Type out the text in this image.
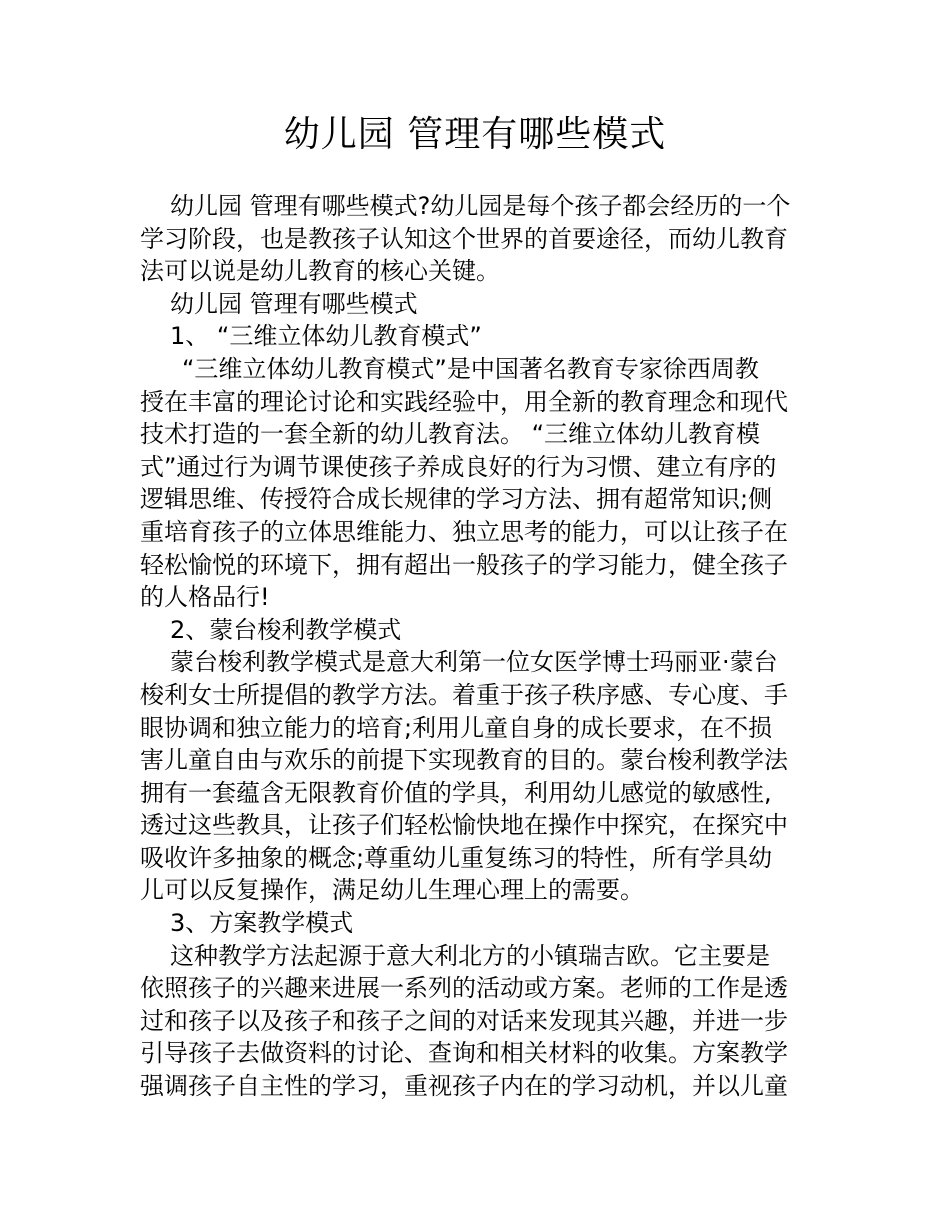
幼儿园 管理有哪些模式
幼儿园 管理有哪些模式?幼儿园是每个孩子都会经历的一个
学习阶段，也是教孩子认知这个世界的首要途径，而幼儿教育
法可以说是幼儿教育的核心关键。
幼儿园 管理有哪些模式
1、 “三维立体幼儿教育模式”
“三维立体幼儿教育模式”是中国著名教育专家徐西周教
授在丰富的理论讨论和实践经验中，用全新的教育理念和现代
技术打造的一套全新的幼儿教育法。 “三维立体幼儿教育模
式”通过行为调节课使孩子养成良好的行为习惯、建立有序的
逻辑思维、传授符合成长规律的学习方法、拥有超常知识;侧
重培育孩子的立体思维能力、独立思考的能力，可以让孩子在
轻松愉悦的环境下，拥有超出一般孩子的学习能力，健全孩子
的人格品行!
2、蒙台梭利教学模式
蒙台梭利教学模式是意大利第一位女医学博士玛丽亚·蒙台
梭利女士所提倡的教学方法。着重于孩子秩序感、专心度、手
眼协调和独立能力的培育;利用儿童自身的成长要求，在不损
害儿童自由与欢乐的前提下实现教育的目的。蒙台梭利教学法
拥有一套蕴含无限教育价值的学具，利用幼儿感觉的敏感性,
透过这些教具，让孩子们轻松愉快地在操作中探究，在探究中
吸收许多抽象的概念;尊重幼儿重复练习的特性，所有学具幼
儿可以反复操作，满足幼儿生理心理上的需要。
3、方案教学模式
这种教学方法起源于意大利北方的小镇瑞吉欧。它主要是
依照孩子的兴趣来进展一系列的活动或方案。老师的工作是透
过和孩子以及孩子和孩子之间的对话来发现其兴趣，并进一步
引导孩子去做资料的讨论、查询和相关材料的收集。方案教学
强调孩子自主性的学习，重视孩子内在的学习动机，并以儿童
